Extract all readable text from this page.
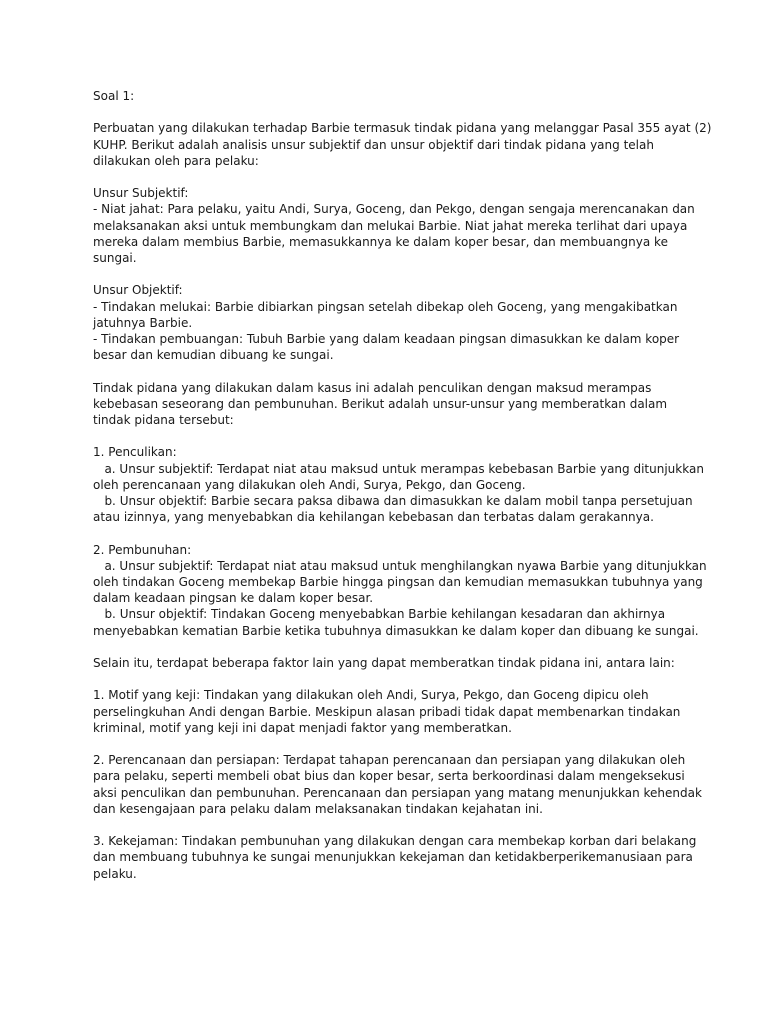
Soal 1:
Perbuatan yang dilakukan terhadap Barbie termasuk tindak pidana yang melanggar Pasal 355 ayat (2)
KUHP. Berikut adalah analisis unsur subjektif dan unsur objektif dari tindak pidana yang telah
dilakukan oleh para pelaku:
Unsur Subjektif:
- Niat jahat: Para pelaku, yaitu Andi, Surya, Goceng, dan Pekgo, dengan sengaja merencanakan dan
melaksanakan aksi untuk membungkam dan melukai Barbie. Niat jahat mereka terlihat dari upaya
mereka dalam membius Barbie, memasukkannya ke dalam koper besar, dan membuangnya ke
sungai.
Unsur Objektif:
- Tindakan melukai: Barbie dibiarkan pingsan setelah dibekap oleh Goceng, yang mengakibatkan
jatuhnya Barbie.
- Tindakan pembuangan: Tubuh Barbie yang dalam keadaan pingsan dimasukkan ke dalam koper
besar dan kemudian dibuang ke sungai.
Tindak pidana yang dilakukan dalam kasus ini adalah penculikan dengan maksud merampas
kebebasan seseorang dan pembunuhan. Berikut adalah unsur-unsur yang memberatkan dalam
tindak pidana tersebut:
1. Penculikan:
a. Unsur subjektif: Terdapat niat atau maksud untuk merampas kebebasan Barbie yang ditunjukkan
oleh perencanaan yang dilakukan oleh Andi, Surya, Pekgo, dan Goceng.
b. Unsur objektif: Barbie secara paksa dibawa dan dimasukkan ke dalam mobil tanpa persetujuan
atau izinnya, yang menyebabkan dia kehilangan kebebasan dan terbatas dalam gerakannya.
2. Pembunuhan:
a. Unsur subjektif: Terdapat niat atau maksud untuk menghilangkan nyawa Barbie yang ditunjukkan
oleh tindakan Goceng membekap Barbie hingga pingsan dan kemudian memasukkan tubuhnya yang
dalam keadaan pingsan ke dalam koper besar.
b. Unsur objektif: Tindakan Goceng menyebabkan Barbie kehilangan kesadaran dan akhirnya
menyebabkan kematian Barbie ketika tubuhnya dimasukkan ke dalam koper dan dibuang ke sungai.
Selain itu, terdapat beberapa faktor lain yang dapat memberatkan tindak pidana ini, antara lain:
1. Motif yang keji: Tindakan yang dilakukan oleh Andi, Surya, Pekgo, dan Goceng dipicu oleh
perselingkuhan Andi dengan Barbie. Meskipun alasan pribadi tidak dapat membenarkan tindakan
kriminal, motif yang keji ini dapat menjadi faktor yang memberatkan.
2. Perencanaan dan persiapan: Terdapat tahapan perencanaan dan persiapan yang dilakukan oleh
para pelaku, seperti membeli obat bius dan koper besar, serta berkoordinasi dalam mengeksekusi
aksi penculikan dan pembunuhan. Perencanaan dan persiapan yang matang menunjukkan kehendak
dan kesengajaan para pelaku dalam melaksanakan tindakan kejahatan ini.
3. Kekejaman: Tindakan pembunuhan yang dilakukan dengan cara membekap korban dari belakang
dan membuang tubuhnya ke sungai menunjukkan kekejaman dan ketidakberperikemanusiaan para
pelaku.
